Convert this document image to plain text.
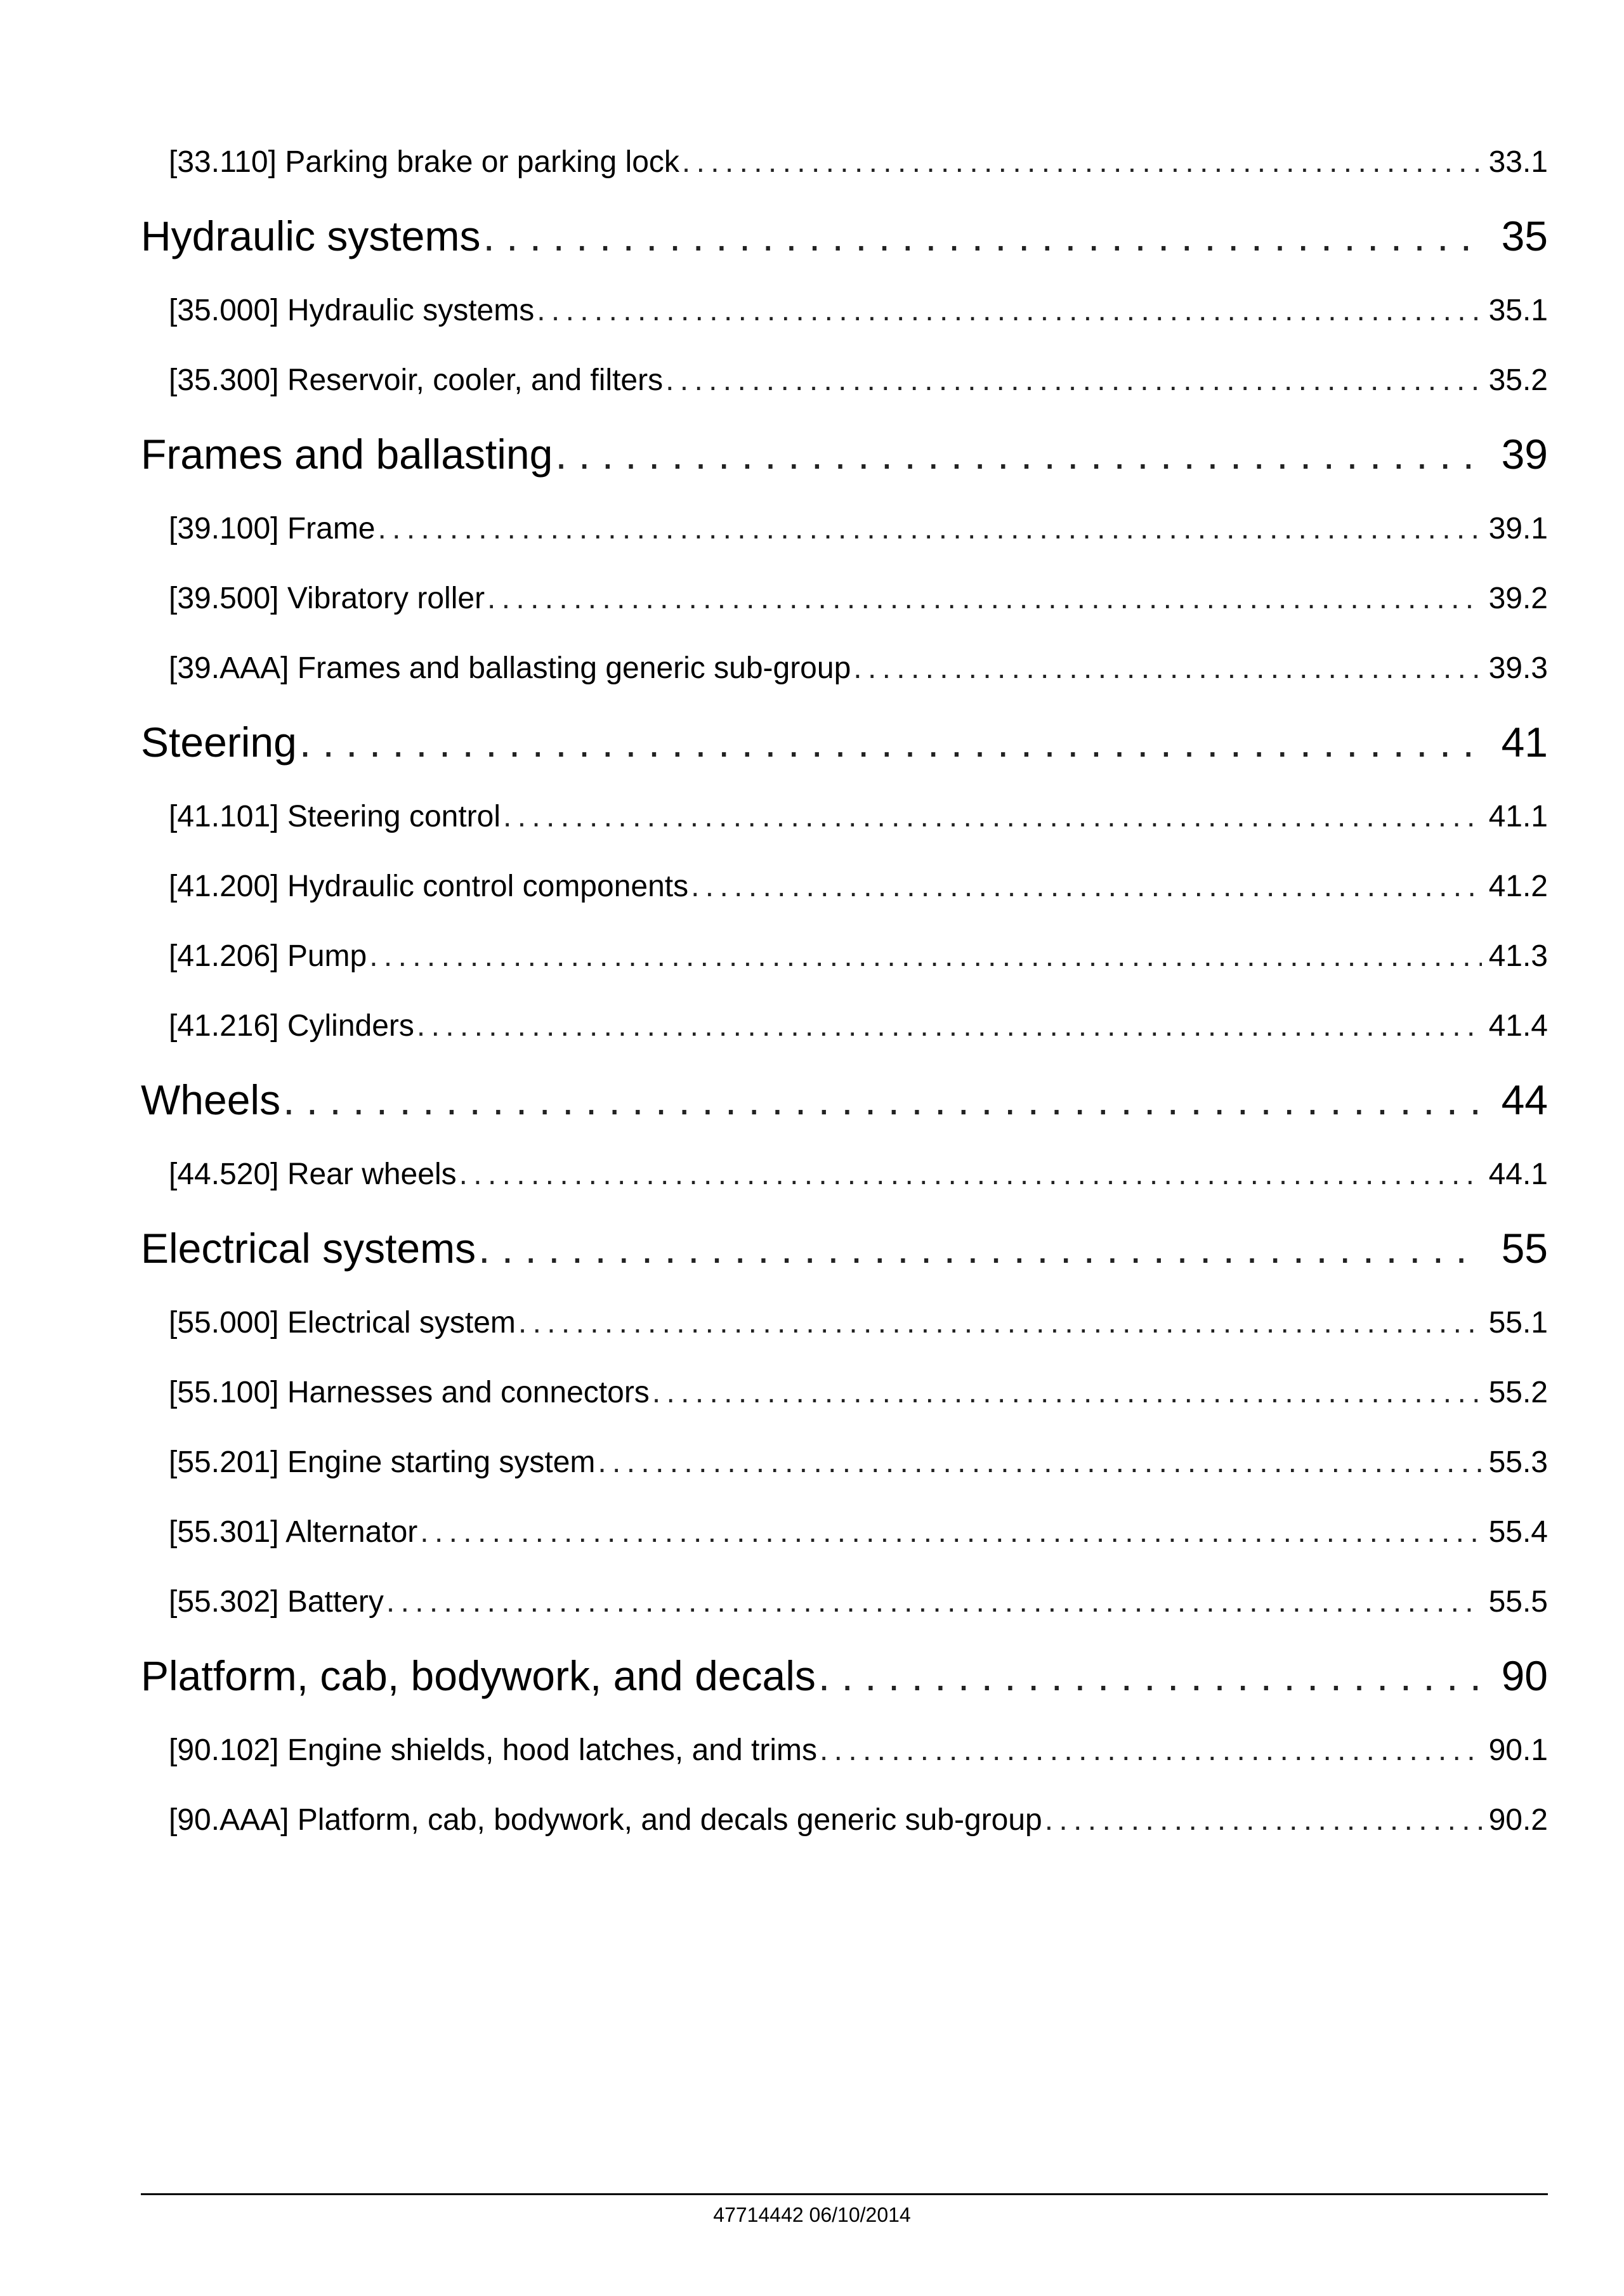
[33.110] Parking brake or parking lock . . .	33.1
Hydraulic systems . . .	35
[35.000] Hydraulic systems . . .	35.1
[35.300] Reservoir, cooler, and filters . . .	35.2
Frames and ballasting . . .	39
[39.100] Frame . . .	39.1
[39.500] Vibratory roller . . .	39.2
[39.AAA] Frames and ballasting generic sub-group . . .	39.3
Steering . . .	41
[41.101] Steering control . . .	41.1
[41.200] Hydraulic control components . . .	41.2
[41.206] Pump . . .	41.3
[41.216] Cylinders . . .	41.4
Wheels . . .	44
[44.520] Rear wheels . . .	44.1
Electrical systems . . .	55
[55.000] Electrical system . . .	55.1
[55.100] Harnesses and connectors . . .	55.2
[55.201] Engine starting system . . .	55.3
[55.301] Alternator . . .	55.4
[55.302] Battery . . .	55.5
Platform, cab, bodywork, and decals . . .	90
[90.102] Engine shields, hood latches, and trims . . .	90.1
[90.AAA] Platform, cab, bodywork, and decals generic sub-group . . .	90.2
47714442 06/10/2014
